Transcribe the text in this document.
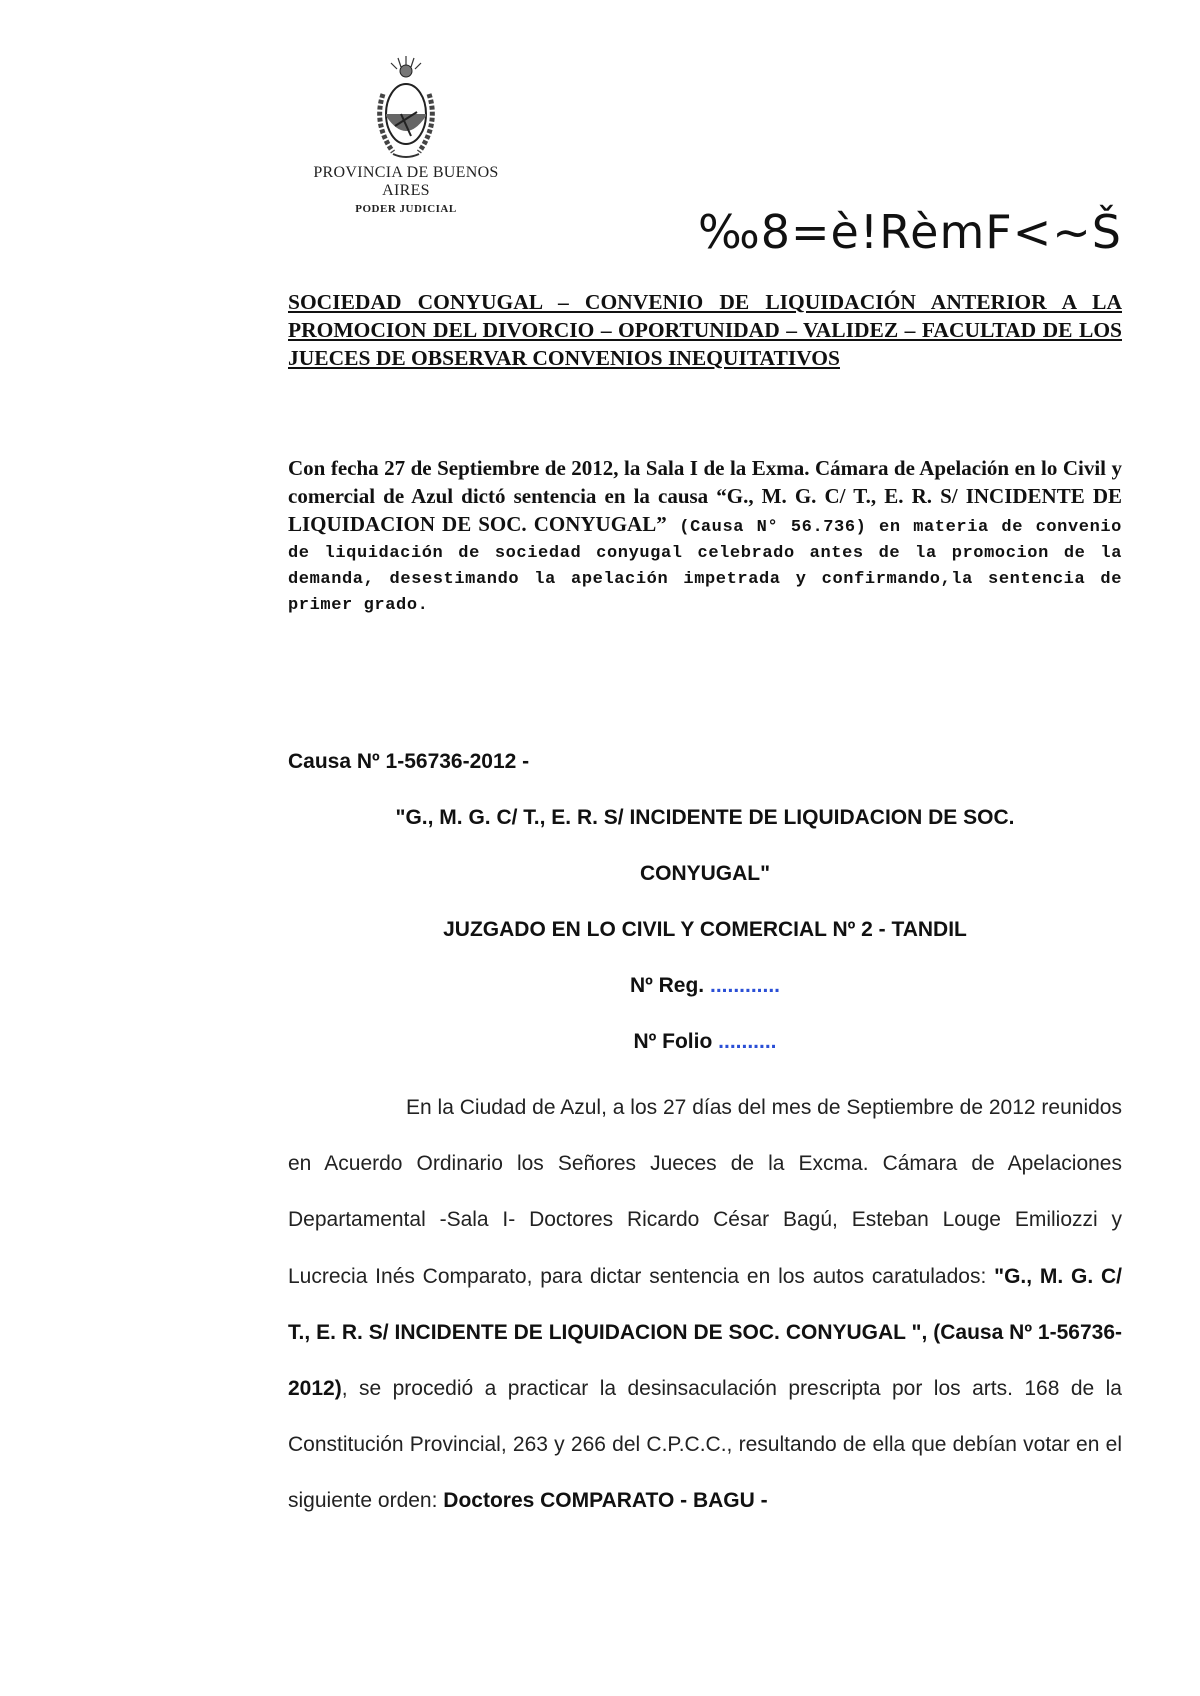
PROVINCIA DE BUENOS AIRES
PODER JUDICIAL	‰8=è!RèmF<~Š
SOCIEDAD CONYUGAL – CONVENIO DE LIQUIDACIÓN ANTERIOR A LA PROMOCION DEL DIVORCIO – OPORTUNIDAD – VALIDEZ – FACULTAD DE LOS JUECES DE OBSERVAR CONVENIOS INEQUITATIVOS
Con fecha 27 de Septiembre de 2012, la Sala I de la Exma. Cámara de Apelación en lo Civil y comercial de Azul dictó sentencia en la causa “G., M. G. C/ T., E. R. S/ INCIDENTE DE LIQUIDACION DE SOC. CONYUGAL” (Causa N° 56.736) en materia de convenio de liquidación de sociedad conyugal celebrado antes de la promocion de la demanda, desestimando la apelación impetrada y confirmando,la sentencia de primer grado.
Causa Nº 1-56736-2012 -
"G., M. G. C/ T., E. R. S/ INCIDENTE DE LIQUIDACION DE SOC.
CONYUGAL"
JUZGADO EN LO CIVIL Y COMERCIAL Nº 2 - TANDIL
Nº Reg. ............
Nº Folio ..........
En la Ciudad de Azul, a los 27 días del mes de Septiembre de 2012 reunidos en Acuerdo Ordinario los Señores Jueces de la Excma. Cámara de Apelaciones Departamental -Sala I- Doctores Ricardo César Bagú, Esteban Louge Emiliozzi y Lucrecia Inés Comparato, para dictar sentencia en los autos caratulados: "G., M. G. C/ T., E. R. S/ INCIDENTE DE LIQUIDACION DE SOC. CONYUGAL ", (Causa Nº 1-56736-2012), se procedió a practicar la desinsaculación prescripta por los arts. 168 de la Constitución Provincial, 263 y 266 del C.P.C.C., resultando de ella que debían votar en el siguiente orden: Doctores COMPARATO - BAGU -
